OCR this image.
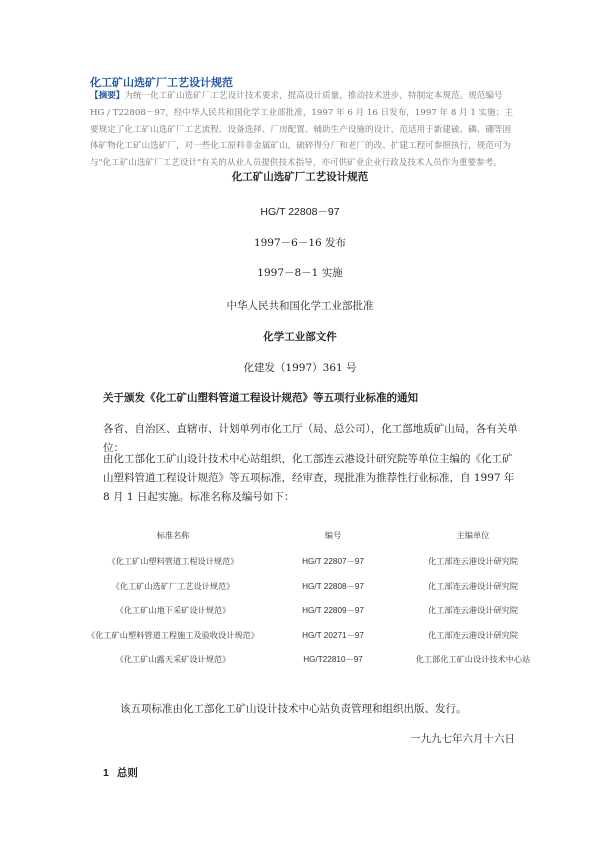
化工矿山选矿厂工艺设计规范
【摘要】为统一化工矿山选矿厂工艺设计技术要求，提高设计质量，推动技术进步，特制定本规范。规范编号 HG / T22808－97，经中华人民共和国化学工业部批准，1997 年 6 月 16 日发布，1997 年 8 月 1 实施；主要规定了化工矿山选矿厂工艺流程、设备选择、厂房配置、辅助生产设施的设计，范适用于新建硫、磷、硼等固体矿物化工矿山选矿厂，对一些化工原料非金属矿山，硫碎得分厂和老厂的改、扩建工程可参照执行，规范可为与"化工矿山选矿厂工艺设计"有关的从业人员提供技术指导，亦可供矿业企业行政及技术人员作为重要参考。
化工矿山选矿厂工艺设计规范
HG/T 22808－97
1997－6－16 发布
1997－8－1 实施
中华人民共和国化学工业部批准
化学工业部文件
化建发（1997）361 号
关于颁发《化工矿山塑料管道工程设计规范》等五项行业标准的通知
各省、自治区、直辖市、计划单列市化工厅（局、总公司），化工部地质矿山局，各有关单位：
由化工部化工矿山设计技术中心站组织，化工部连云港设计研究院等单位主编的《化工矿山塑料管道工程设计规范》等五项标准，经审查，现批准为推荐性行业标准，自 1997 年 8 月 1 日起实施。标准名称及编号如下：
标准名称	编号	主编单位
《化工矿山塑料管道工程设计规范》	HG/T 22807－97	化工部连云港设计研究院
《化工矿山选矿厂工艺设计规范》	HG/T 22808－97	化工部连云港设计研究院
《化工矿山地下采矿设计规范》	HG/T 22809－97	化工部连云港设计研究院
《化工矿山塑料管道工程施工及验收设计规范》	HG/T 20271－97	化工部连云港设计研究院
《化工矿山露天采矿设计规范》	HG/T22810－97	化工部化工矿山设计技术中心站
该五项标准由化工部化工矿山设计技术中心站负责管理和组织出版、发行。
一九九七年六月十六日
1 总则
